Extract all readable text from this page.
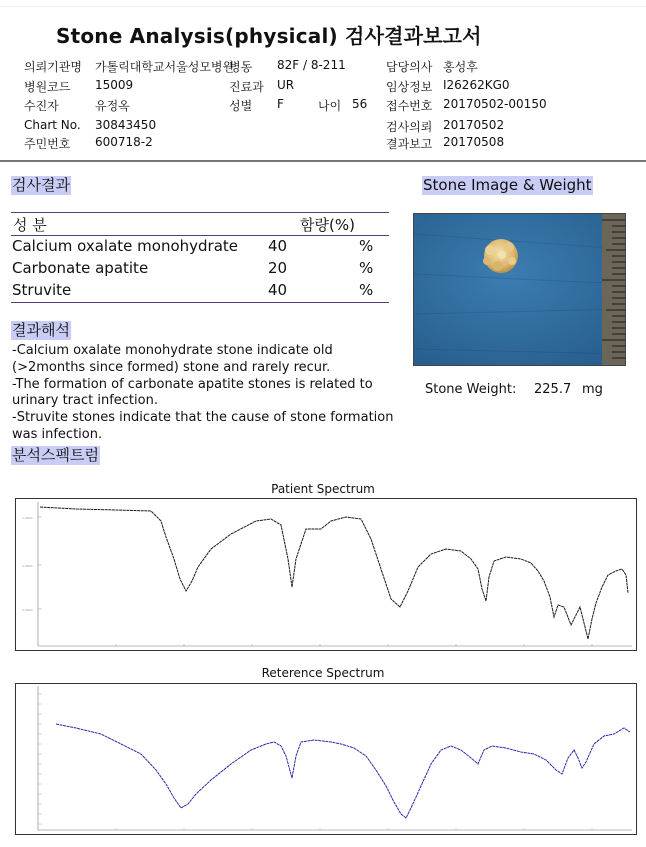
Stone Analysis(physical) 검사결과보고서
의뢰기관명 가톨릭대학교서울성모병원
병동 82F / 8-211	담당의사 홍성후
병원코드 15009	진료과 UR	임상정보 I26262KG0
수진자	유정옥	성별 F	나이 56 접수번호 20170502-00150
Chart No. 30843450	검사의뢰 20170502
주민번호 600718-2	결과보고 20170508
검사결과
성 분	함량(%)
Calcium oxalate monohydrate 40	%
Carbonate apatite	20	%
Struvite	40	%
결과해석
-Calcium oxalate monohydrate stone indicate old
(>2months since formed) stone and rarely recur.
-The formation of carbonate apatite stones is related to
urinary tract infection.
-Struvite stones indicate that the cause of stone formation
was infection.
Stone Image & Weight
Stone Weight: 225.7 mg
분석스펙트럼
Patient Spectrum
1.0000
0.5000
0.0000
Reterence Spectrum
